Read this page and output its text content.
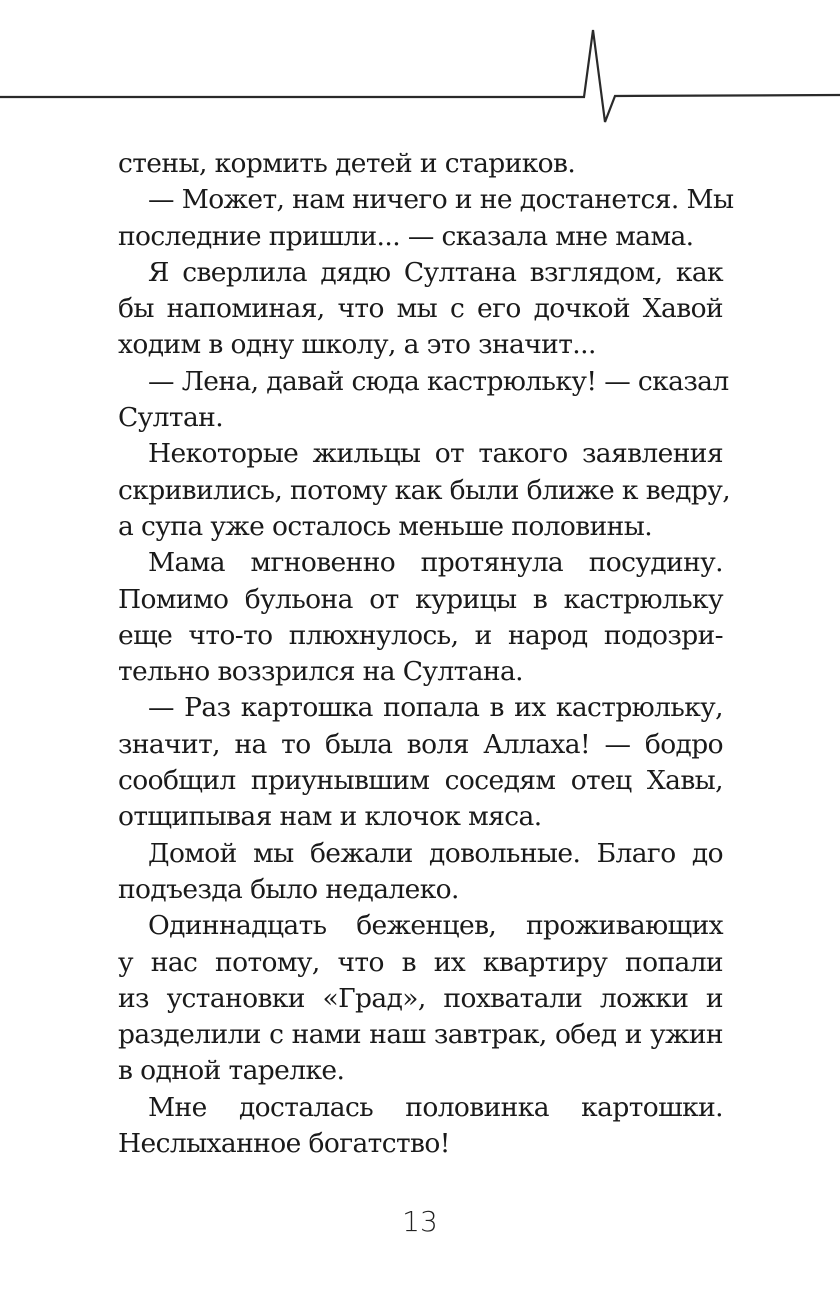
стены, кормить детей и стариков.

— Может, нам ничего и не достанется. Мы
последние пришли... — сказала мне мама.

Я сверлила дядю Султана взглядом, как
бы напоминая, что мы с его дочкой Хавой
ходим в одну школу, а это значит...

— Лена, давай сюда кастрюльку! — сказал
Султан.

Некоторые жильцы от такого заявления
скривились, потому как были ближе к ведру,
а супа уже осталось меньше половины.

Мама мгновенно протянула посудину.
Помимо бульона от курицы в кастрюльку
еще что-то плюхнулось, и народ подозри-
тельно воззрился на Султана.

— Раз картошка попала в их кастрюльку,
значит, на то была воля Аллаха! — бодро
сообщил приунывшим соседям отец Хавы,
отщипывая нам и клочок мяса.

Домой мы бежали довольные. Благо до
подъезда было недалеко.

Одиннадцать беженцев, проживающих
у нас потому, что в их квартиру попали
из установки «Град», похватали ложки и
разделили с нами наш завтрак, обед и ужин
в одной тарелке.

Мне досталась половинка картошки.
Неслыханное богатство!

13
